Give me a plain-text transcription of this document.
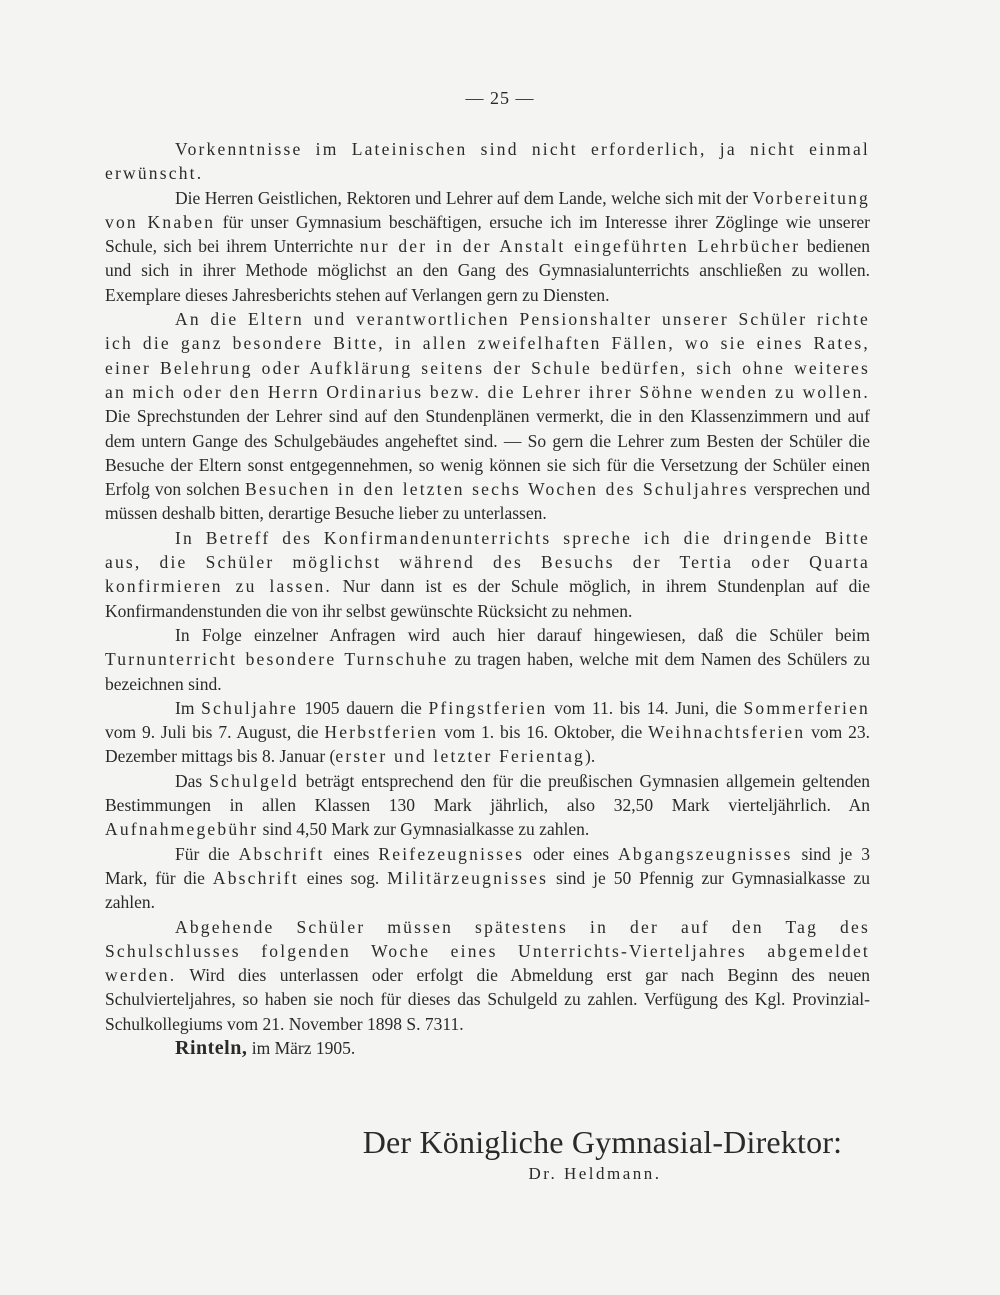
— 25 —

Vorkenntnisse im Lateinischen sind nicht erforderlich, ja nicht einmal erwünscht.

Die Herren Geistlichen, Rektoren und Lehrer auf dem Lande, welche sich mit der Vorbereitung von Knaben für unser Gymnasium beschäftigen, ersuche ich im Interesse ihrer Zöglinge wie unserer Schule, sich bei ihrem Unterrichte nur der in der Anstalt eingeführten Lehrbücher bedienen und sich in ihrer Methode möglichst an den Gang des Gymnasialunterrichts anschließen zu wollen. Exemplare dieses Jahresberichts stehen auf Verlangen gern zu Diensten.

An die Eltern und verantwortlichen Pensionshalter unserer Schüler richte ich die ganz besondere Bitte, in allen zweifelhaften Fällen, wo sie eines Rates, einer Belehrung oder Aufklärung seitens der Schule bedürfen, sich ohne weiteres an mich oder den Herrn Ordinarius bezw. die Lehrer ihrer Söhne wenden zu wollen. Die Sprechstunden der Lehrer sind auf den Stundenplänen vermerkt, die in den Klassenzimmern und auf dem untern Gange des Schulgebäudes angeheftet sind. — So gern die Lehrer zum Besten der Schüler die Besuche der Eltern sonst entgegennehmen, so wenig können sie sich für die Versetzung der Schüler einen Erfolg von solchen Besuchen in den letzten sechs Wochen des Schuljahres versprechen und müssen deshalb bitten, derartige Besuche lieber zu unterlassen.

In Betreff des Konfirmandenunterrichts spreche ich die dringende Bitte aus, die Schüler möglichst während des Besuchs der Tertia oder Quarta konfirmieren zu lassen. Nur dann ist es der Schule möglich, in ihrem Stundenplan auf die Konfirmandenstunden die von ihr selbst gewünschte Rücksicht zu nehmen.

In Folge einzelner Anfragen wird auch hier darauf hingewiesen, daß die Schüler beim Turnunterricht besondere Turnschuhe zu tragen haben, welche mit dem Namen des Schülers zu bezeichnen sind.

Im Schuljahre 1905 dauern die Pfingstferien vom 11. bis 14. Juni, die Sommerferien vom 9. Juli bis 7. August, die Herbstferien vom 1. bis 16. Oktober, die Weihnachtsferien vom 23. Dezember mittags bis 8. Januar (erster und letzter Ferientag).

Das Schulgeld beträgt entsprechend den für die preußischen Gymnasien allgemein geltenden Bestimmungen in allen Klassen 130 Mark jährlich, also 32,50 Mark vierteljährlich. An Aufnahmegebühr sind 4,50 Mark zur Gymnasialkasse zu zahlen.

Für die Abschrift eines Reifezeugnisses oder eines Abgangszeugnisses sind je 3 Mark, für die Abschrift eines sog. Militärzeugnisses sind je 50 Pfennig zur Gymnasialkasse zu zahlen.

Abgehende Schüler müssen spätestens in der auf den Tag des Schulschlusses folgenden Woche eines Unterrichts-Vierteljahres abgemeldet werden. Wird dies unterlassen oder erfolgt die Abmeldung erst gar nach Beginn des neuen Schulvierteljahres, so haben sie noch für dieses das Schulgeld zu zahlen. Verfügung des Kgl. Provinzial-Schulkollegiums vom 21. November 1898 S. 7311.

Rinteln, im März 1905.

Der Königliche Gymnasial-Direktor:
Dr. Heldmann.
